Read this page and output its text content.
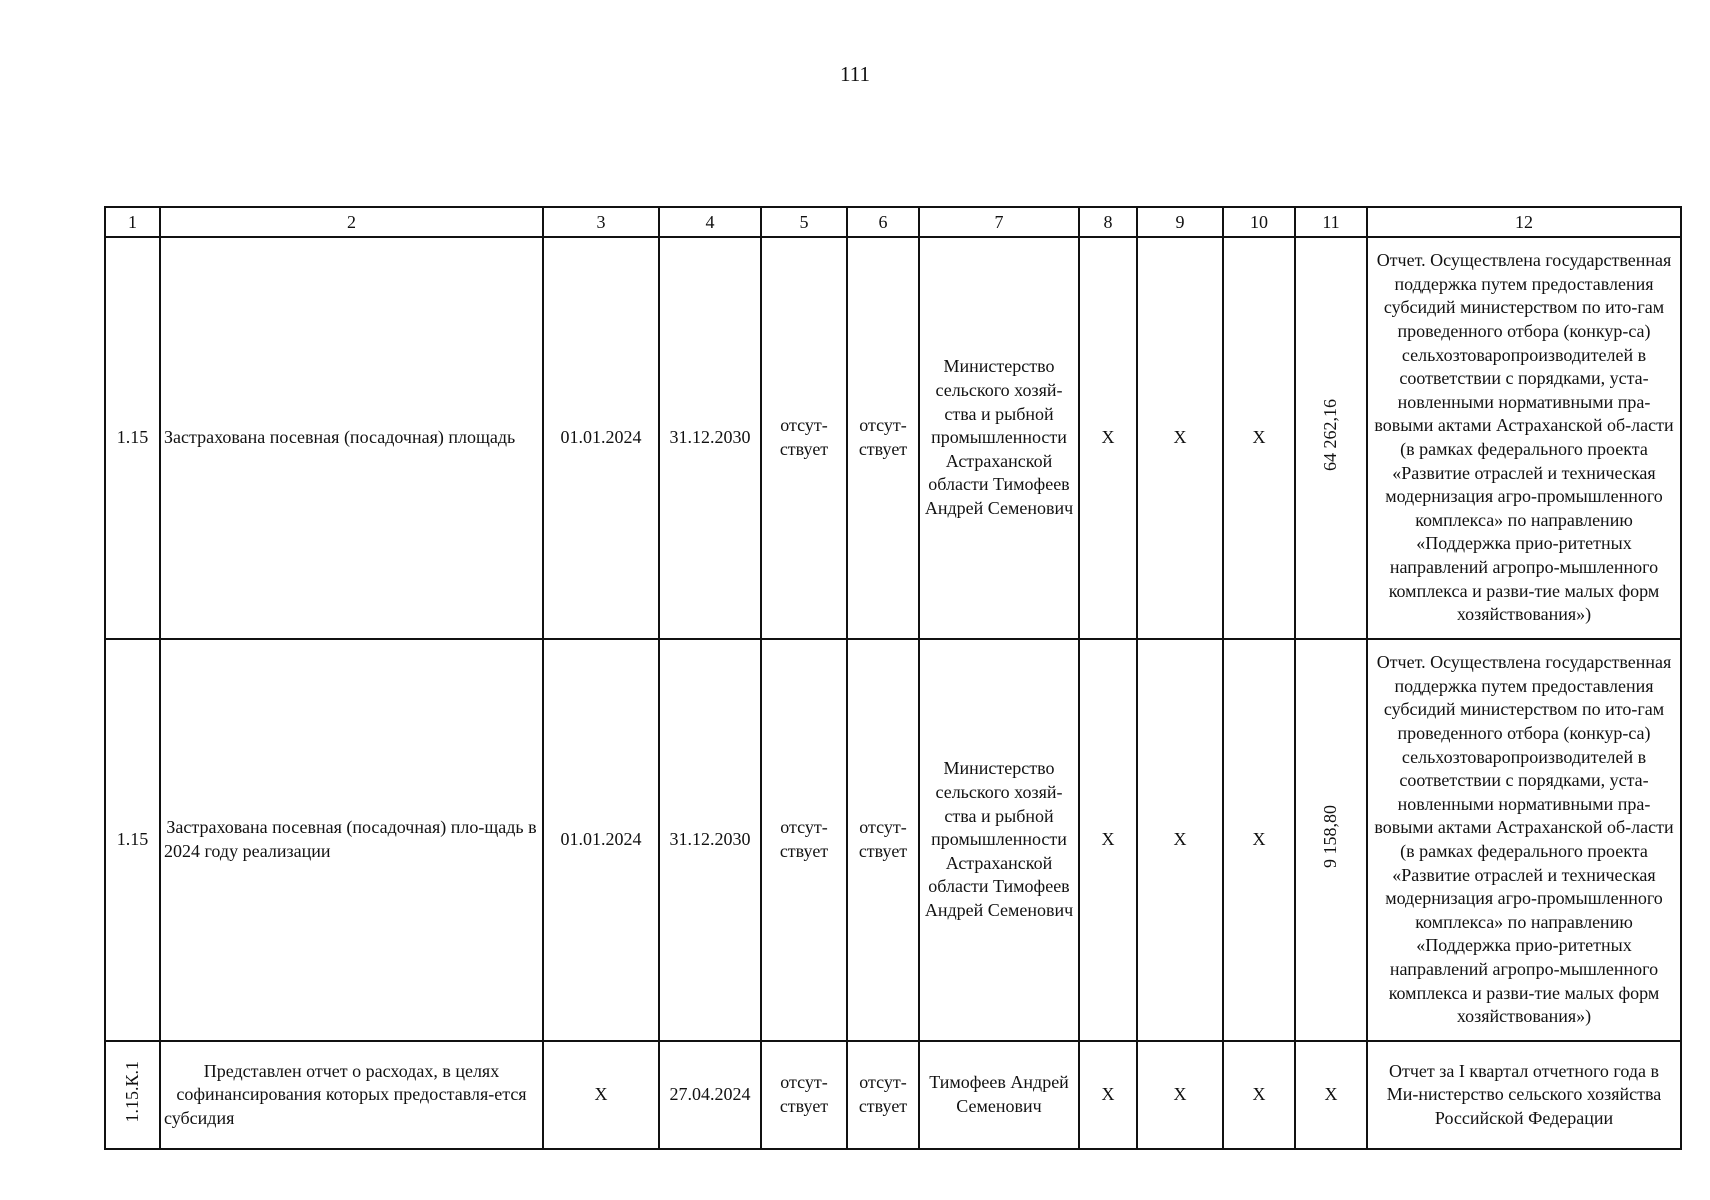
111
1	2	3	4	5	6	7	8	9	10	11	12
1.15	Застрахована посевная (посадочная) площадь	01.01.2024	31.12.2030	отсут-ствует	отсут-ствует	Министерство сельского хозяй-ства и рыбной промышленности Астраханской области Тимофеев Андрей Семенович	X	X	X	64 262,16	Отчет. Осуществлена государственная поддержка путем предоставления субсидий министерством по ито-гам проведенного отбора (конкур-са) сельхозтоваропроизводителей в соответствии с порядками, уста-новленными нормативными пра-вовыми актами Астраханской об-ласти (в рамках федерального проекта «Развитие отраслей и техническая модернизация агро-промышленного комплекса» по направлению «Поддержка прио-ритетных направлений агропро-мышленного комплекса и разви-тие малых форм хозяйствования»)
1.15	Застрахована посевная (посадочная) пло-щадь в 2024 году реализации	01.01.2024	31.12.2030	отсут-ствует	отсут-ствует	Министерство сельского хозяй-ства и рыбной промышленности Астраханской области Тимофеев Андрей Семенович	X	X	X	9 158,80	Отчет. Осуществлена государственная поддержка путем предоставления субсидий министерством по ито-гам проведенного отбора (конкур-са) сельхозтоваропроизводителей в соответствии с порядками, уста-новленными нормативными пра-вовыми актами Астраханской об-ласти (в рамках федерального проекта «Развитие отраслей и техническая модернизация агро-промышленного комплекса» по направлению «Поддержка прио-ритетных направлений агропро-мышленного комплекса и разви-тие малых форм хозяйствования»)
1.15.К.1	Представлен отчет о расходах, в целях софинансирования которых предоставля-ется субсидия	X	27.04.2024	отсут-ствует	отсут-ствует	Тимофеев Андрей Семенович	X	X	X	X	Отчет за I квартал отчетного года в Ми-нистерство сельского хозяйства Российской Федерации
